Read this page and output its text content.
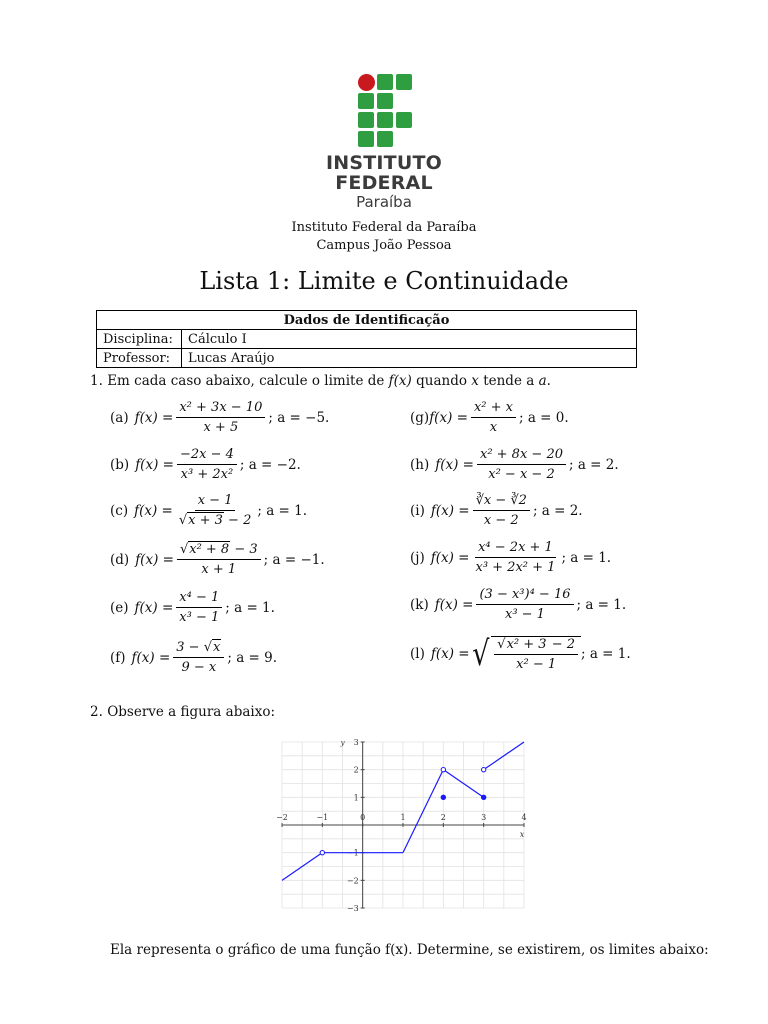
INSTITUTO
FEDERAL
Paraíba
Instituto Federal da Paraíba
Campus João Pessoa
Lista 1: Limite e Continuidade
Dados de Identificação	
Disciplina:	Cálculo I
Professor:	Lucas Araújo
1. Em cada caso abaixo, calcule o limite de f(x) quando x tende a a.
(a) $f(x) = \frac{\text{x² + 3x − 10}}{x + 5}$ ; a = −5.
(b) $f(x) = \frac{-2x - 4}{\text{x³ + 2x²}}$ ; a = −2.
(c) $f(x) = \frac{x - 1}{√x + 3 - 2}$ ; a = 1.
(d) $f(x) = \frac{\text{√x² + 8 − 3}}{x + 1}$ ; a = −1.
(e) $f(x) = \frac{\text{x⁴ − 1}}{\text{x³ − 1}}$ ; a = 1.
(f) $f(x) = \frac{3 - √x}{9 - x}$ ; a = 9.
(g) $f(x) = \frac{\text{x² + x}}{x}$ ; a = 0.
(h) $f(x) = \frac{\text{x² + 8x − 20}}{\text{x² − x − 2}}$ ; a = 2.
(i) $f(x) = \frac{∛x - ∛2}{x - 2}$ ; a = 2.
(j) $f(x) = \frac{\text{x⁴ − 2x + 1}}{\text{x³ + 2x² + 1}}$ ; a = 1.
(k) $f(x) = \frac{\text{(3 − x³)⁴ − 16}}{\text{x³ − 1}}$ ; a = 1.
(l) f(x) = √ $\frac{\text{√x² + 3 − 2}}{\text{x² − 1}}$ ; a = 1.
2. Observe a figura abaixo:
−2	−1	0	1	2	3	4
3
2
1
−1
−2
−3
x
y
Ela representa o gráfico de uma função f(x). Determine, se existirem, os limites abaixo:
